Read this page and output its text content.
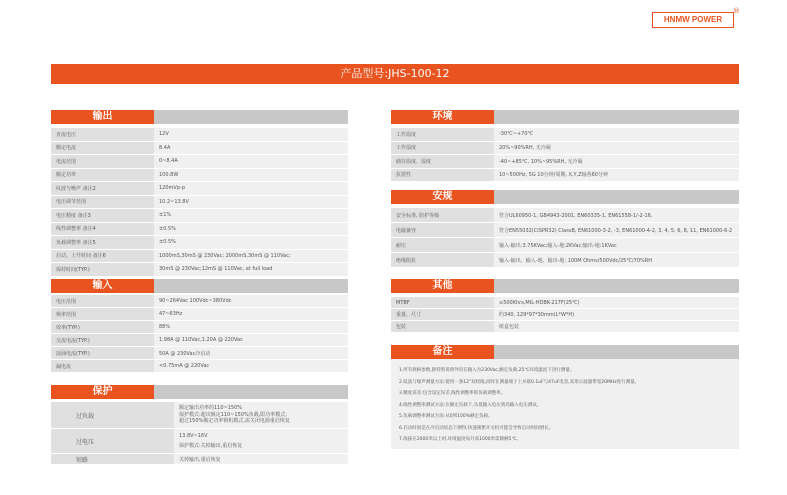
HNMW POWER
®
产品型号:JHS-100-12
输出
直流电压	12V
额定电流	8.4A
电流范围	0~8.4A
额定功率	100.8W
纹波与噪声 备注2	120mVp-p
电压调节范围	10.2~13.8V
电压精度 备注3	±1%
线性调整率 备注4	±0.5%
负载调整率 备注5	±0.5%
启动、上升时间 备注6	1000mS,30mS @ 230Vac; 2000mS,30mS @ 110Vac;
保持时间(TYP.)	30mS @ 230Vac;12mS @ 110Vac, at full load
输入
电压范围	90~264Vac 100Vdc~380Vdc
频率范围	47~63Hz
效率(TYP.)	88%
交流电流(TYP.)	1.98A @ 110Vac,1.20A @ 220Vac
浪涌电流(TYP.)	50A @ 230Vac冷启动
漏电流	<0.75mA @ 220Vac
保护
过负载	额定输出功率的110~150%
保护模式:超出额定110~150%负载,限功率模式;
超过150%额定功率锁机模式,需关闭电源重启恢复

过电压	13.8V~16V
保护模式:关掉输出,重启恢复

短路	关掉输出,重启恢复
环境
工作温度	-30℃~+70℃
工作湿度	20%~90%RH, 无冷凝
储存温度、湿度	-40~+85℃, 10%~95%RH, 无冷凝
抗震性	10~500Hz, 5G 10分钟/周期, X,Y,Z轴各60分钟
安规
安全标准, 防护等级	符合UL60950-1, GB4943-2001, EN60335-1, EN61558-1/-2-16,
电磁兼容	符合EN55032(CISPR32) ClassB, EN61000-3-2, -3, EN61000-4-2, 3, 4, 5, 6, 8, 11, EN61000-6-2
耐压	输入-输出:3.75KVac;输入-地:2KVac;输出-地:1KVac
绝缘阻抗	输入-输出、输入-地、输出-地: 100M Ohms/500Vdc/25℃/70%RH
其他
MTBF	≥500Khrs,MIL-HDBK-217F(25℃)
重量、尺寸	约340, 129*97*30mm(L*W*H)
包装	纸盒包装
备注
1.所有规格参数,除特别说明外均在输入为230Vac,额定负载,25℃环境温度下进行测量。
2.纹波与噪声测量方法:使用一条12"双绞线,同时在测量端子上并联0.1uF与47uF电容,采用示波器带宽20MHz进行测量。
3.精度误差:包含设定误差,线性调整率和负载调整率。
4.线性调整率测试方法:在额定负载下,从低输入电压到高输入电压测试。
5.负载调整率测试方法:从0到100%额定负载。
6.启动时间是在冷启动状态下测得,快速频繁开关机可能会导致启动时间增长。
7.海拔在2000米以上时,环境温度每升高1000米需降额5℃。
